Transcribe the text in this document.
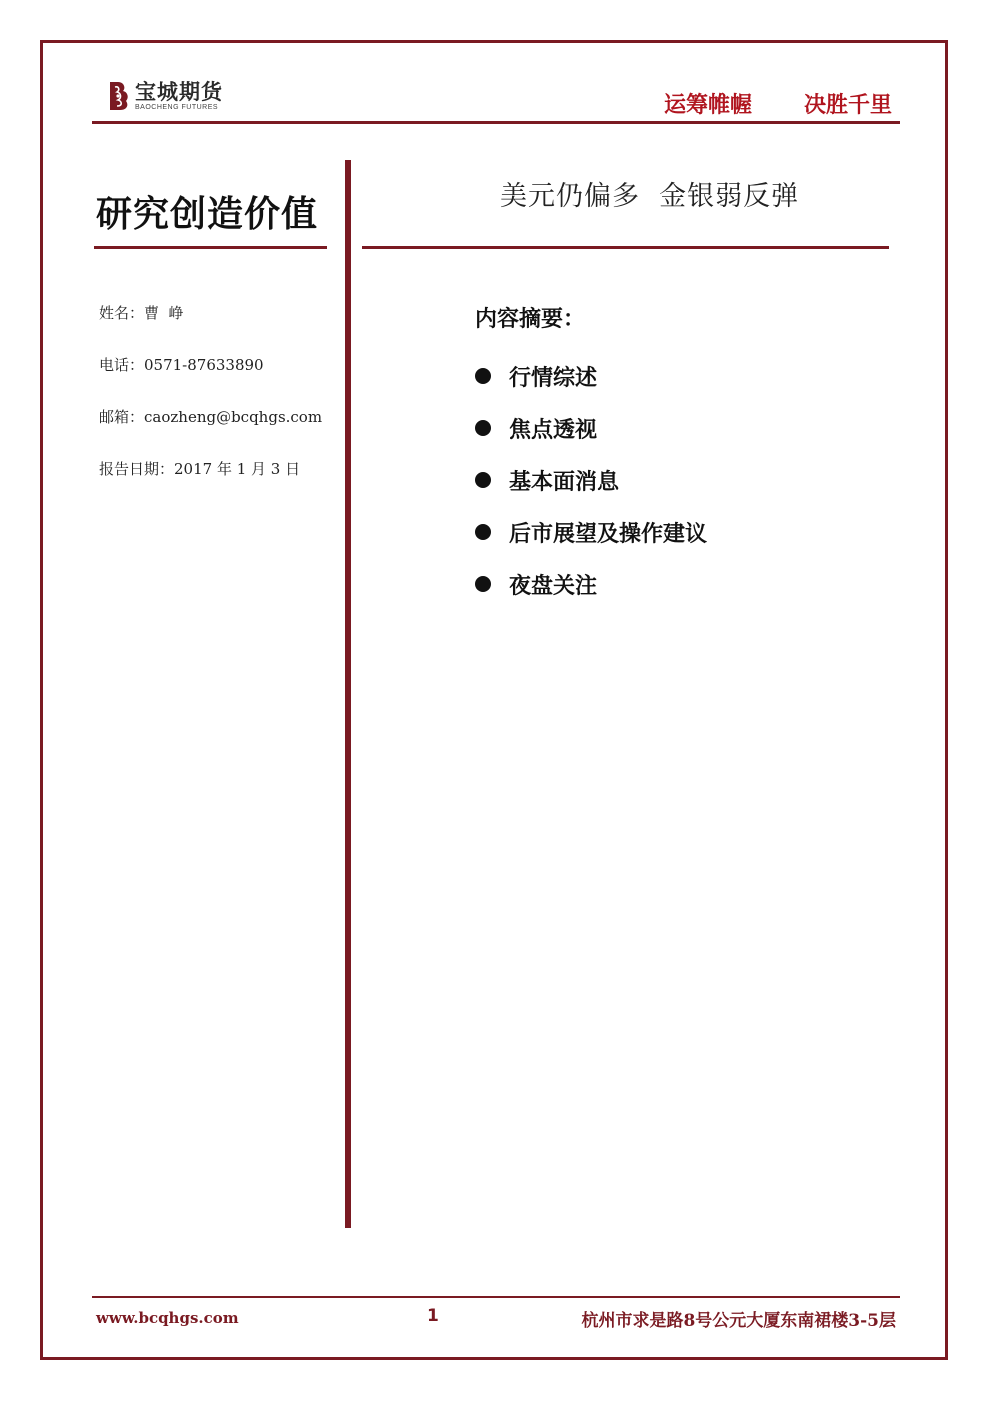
宝城期货
BAOCHENG FUTURES	运筹帷幄 决胜千里
研究创造价值	美元仍偏多  金银弱反弹
姓名：曹  峥
电话：0571-87633890
邮箱：caozheng@bcqhgs.com
报告日期：2017 年 1 月 3 日
内容摘要：
行情综述
焦点透视
基本面消息
后市展望及操作建议
夜盘关注
www.bcqhgs.com	1	杭州市求是路8号公元大厦东南裙楼3-5层
